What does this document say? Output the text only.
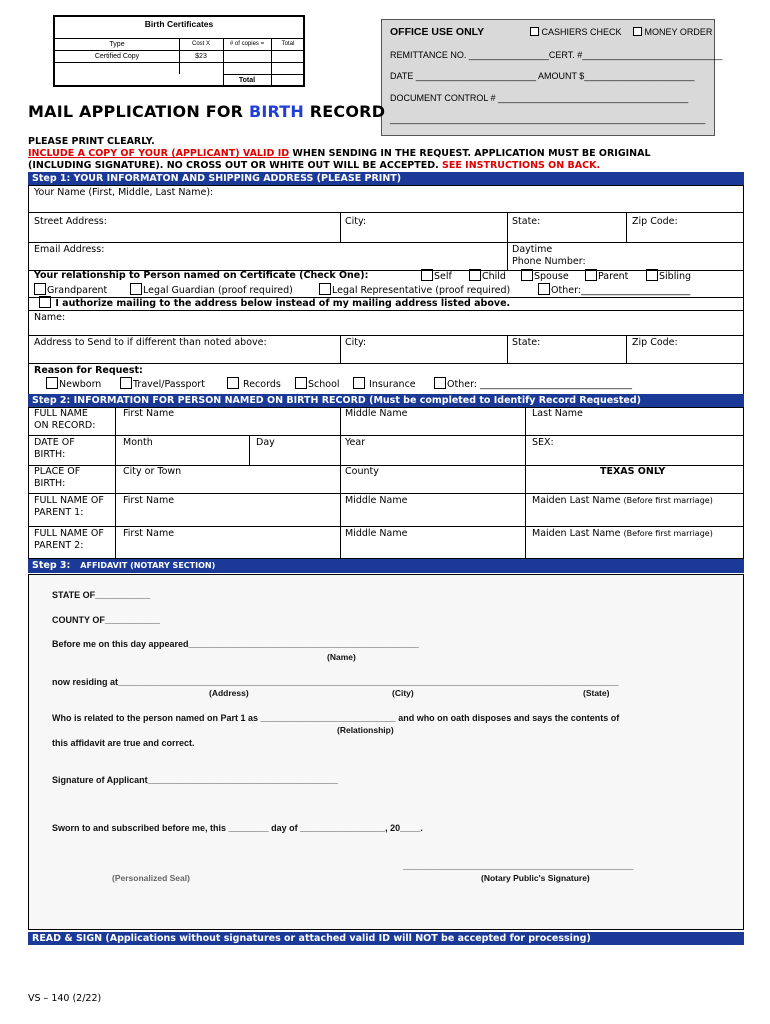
Birth Certificates
Type	Cost X	# of copies =	Total
Certified Copy	$23
Total
OFFICE USE ONLY	CASHIERS CHECK	MONEY ORDER
REMITTANCE NO. ________________CERT. #____________________________
DATE ________________________ AMOUNT $______________________
DOCUMENT CONTROL # ______________________________________
_______________________________________________________________
MAIL APPLICATION FOR BIRTH RECORD
PLEASE PRINT CLEARLY.
INCLUDE A COPY OF YOUR (APPLICANT) VALID ID WHEN SENDING IN THE REQUEST. APPLICATION MUST BE ORIGINAL
(INCLUDING SIGNATURE). NO CROSS OUT OR WHITE OUT WILL BE ACCEPTED. SEE INSTRUCTIONS ON BACK.
Step 1: YOUR INFORMATON AND SHIPPING ADDRESS (PLEASE PRINT)
Your Name (First, Middle, Last Name):
Street Address:	City:	State:	Zip Code:
Email Address:	Daytime
Phone Number:
Your relationship to Person named on Certificate (Check One):	Self	Child	Spouse	Parent	Sibling
Grandparent	Legal Guardian (proof required)	Legal Representative (proof required)	Other:_______________________
I authorize mailing to the address below instead of my mailing address listed above.
Name:
Address to Send to if different than noted above:	City:	State:	Zip Code:
Reason for Request:
Newborn	Travel/Passport	Records	School	Insurance	Other: ________________________________
Step 2: INFORMATION FOR PERSON NAMED ON BIRTH RECORD (Must be completed to Identify Record Requested)
FULL NAME
ON RECORD:
First Name	Middle Name	Last Name
DATE OF
BIRTH:
Month	Day	Year	SEX:
PLACE OF
BIRTH:
City or Town	County	TEXAS ONLY
FULL NAME OF
PARENT 1:
First Name	Middle Name	Maiden Last Name (Before first marriage)
FULL NAME OF
PARENT 2:
First Name	Middle Name	Maiden Last Name (Before first marriage)
Step 3: AFFIDAVIT (NOTARY SECTION)
STATE OF___________
COUNTY OF___________
Before me on this day appeared______________________________________________
(Name)
now residing at____________________________________________________________________________________________________
(Address)	(City)	(State)
Who is related to the person named on Part 1 as ___________________________ and who on oath disposes and says the contents of
(Relationship)
this affidavit are true and correct.
Signature of Applicant______________________________________
Sworn to and subscribed before me, this ________ day of _________________, 20____.
______________________________________________
(Personalized Seal)	(Notary Public's Signature)
READ & SIGN (Applications without signatures or attached valid ID will NOT be accepted for processing)
VS – 140 (2/22)
